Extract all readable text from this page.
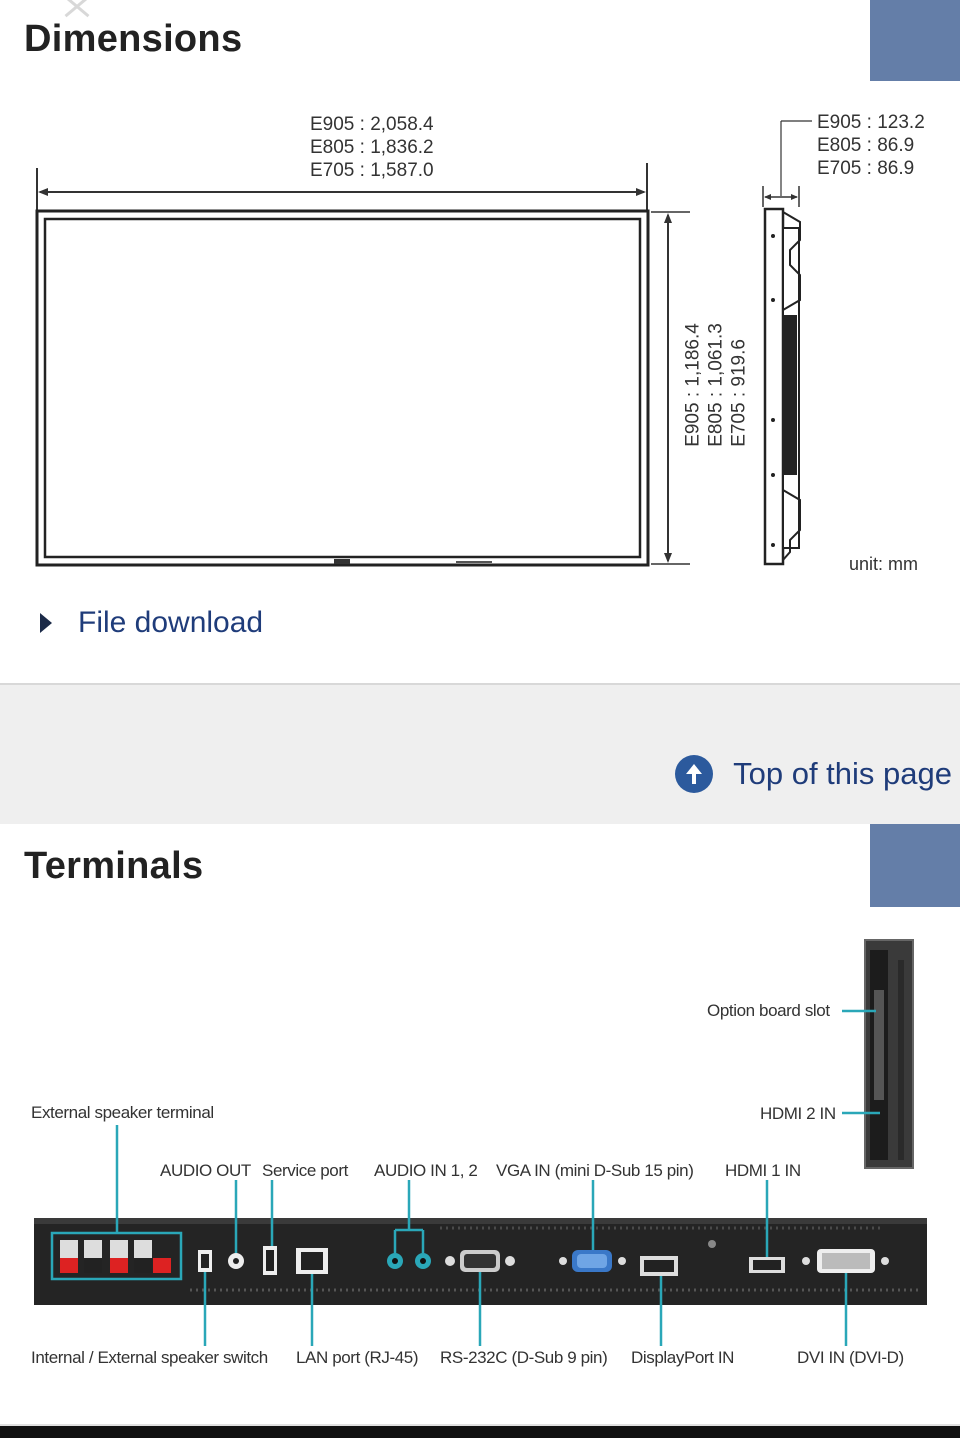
Dimensions
E905 : 2,058.4
E805 : 1,836.2
E705 : 1,587.0
E905 : 123.2
E805 : 86.9
E705 : 86.9
E905 : 1,186.4 E805 : 1,061.3 E705 : 919.6
unit: mm
File download
Top of this page
Terminals
Option board slot
HDMI 2 IN
External speaker terminal
AUDIO OUT Service port AUDIO IN 1, 2 VGA IN (mini D-Sub 15 pin) HDMI 1 IN
Internal / External speaker switch LAN port (RJ-45) RS-232C (D-Sub 9 pin) DisplayPort IN	DVI IN (DVI-D)
